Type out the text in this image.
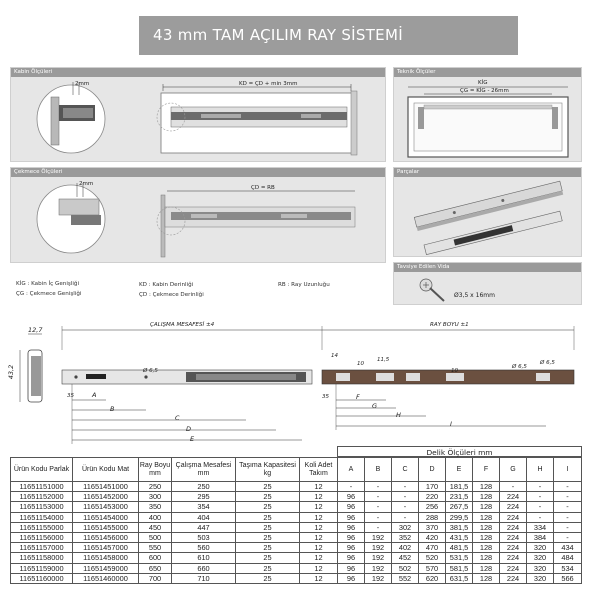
43 mm TAM AÇILIM RAY SİSTEMİ
Kabin Ölçüleri
2mm	KD = ÇD + min 3mm
Teknik Ölçüler
KİG
ÇG = KİG - 26mm
Çekmece Ölçüleri
2mm
ÇD = RB
Parçalar
Tavsiye Edilen Vida
Ø3,5 x 16mm
KİG : Kabin İç Genişliği
ÇG : Çekmece Genişliği
KD : Kabin Derinliği
ÇD : Çekmece Derinliği
RB : Ray Uzunluğu
12,7
43,2
ÇALIŞMA MESAFESİ ±4	RAY BOYU ±1
14
11,5
10
10
Ø 6,5
Ø 6,5
Ø 6,5
35	35
A
B
C
D
E
F
G
H
I
Delik Ölçüleri mm
Ürün Kodu Parlak	Ürün Kodu Mat	Ray Boyu mm	Çalışma Mesafesi mm	Taşıma Kapasitesi kg	Koli Adet Takım	A	B	C	D	E	F	G	H	I
11651151000	11651451000	250	250	25	12	-	-	-	170	181,5	128	-	-	-
11651152000	11651452000	300	295	25	12	96	-	-	220	231,5	128	224	-	-
11651153000	11651453000	350	354	25	12	96	-	-	256	267,5	128	224	-	-
11651154000	11651454000	400	404	25	12	96	-	-	288	299,5	128	224	-	-
11651155000	11651455000	450	447	25	12	96	-	302	370	381,5	128	224	334	-
11651156000	11651456000	500	503	25	12	96	192	352	420	431,5	128	224	384	-
11651157000	11651457000	550	560	25	12	96	192	402	470	481,5	128	224	320	434
11651158000	11651458000	600	610	25	12	96	192	452	520	531,5	128	224	320	484
11651159000	11651459000	650	660	25	12	96	192	502	570	581,5	128	224	320	534
11651160000	11651460000	700	710	25	12	96	192	552	620	631,5	128	224	320	566
